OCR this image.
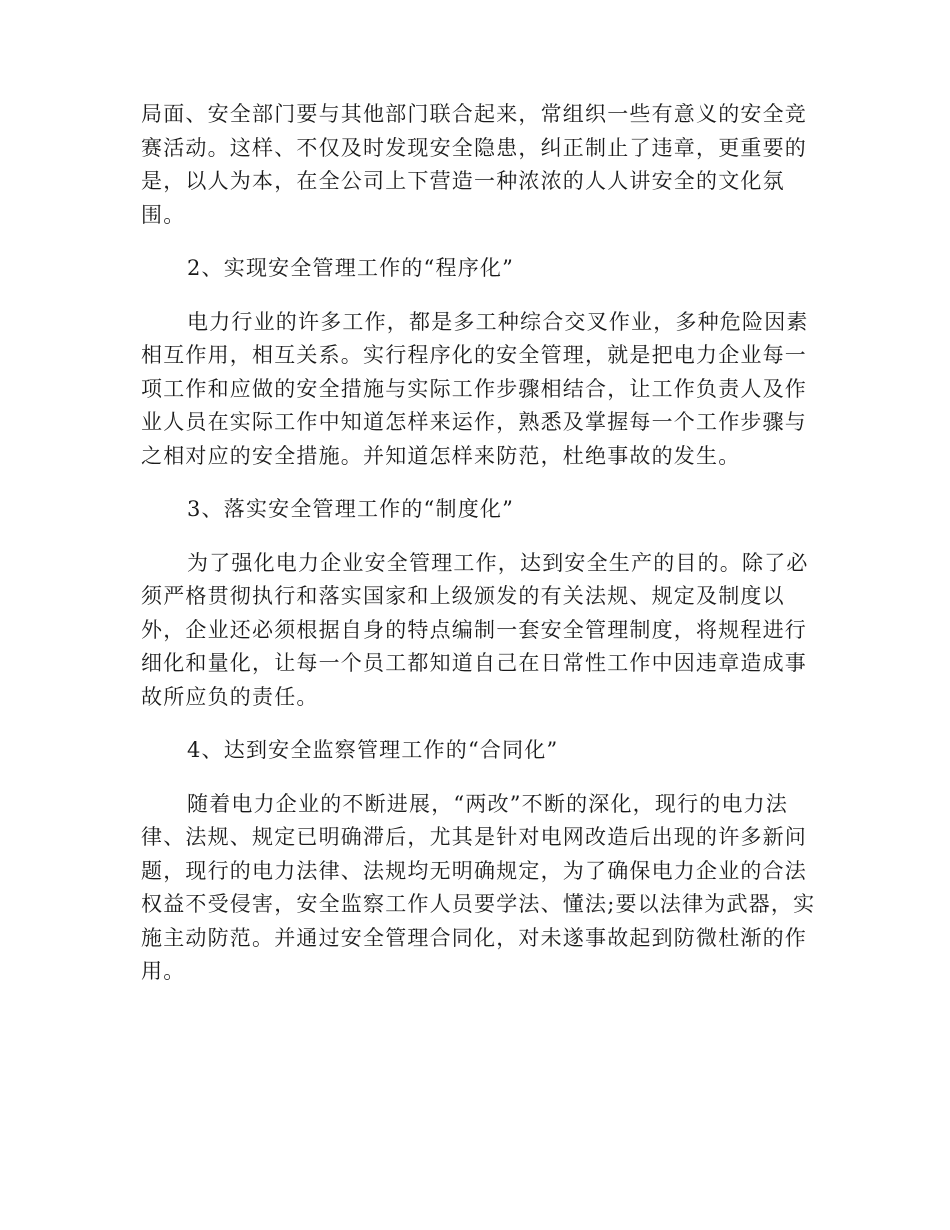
局面、安全部门要与其他部门联合起来，常组织一些有意义的安全竞
赛活动。这样、不仅及时发现安全隐患，纠正制止了违章，更重要的
是，以人为本，在全公司上下营造一种浓浓的人人讲安全的文化氛
围。
2、实现安全管理工作的“程序化”
电力行业的许多工作，都是多工种综合交叉作业，多种危险因素
相互作用，相互关系。实行程序化的安全管理，就是把电力企业每一
项工作和应做的安全措施与实际工作步骤相结合，让工作负责人及作
业人员在实际工作中知道怎样来运作，熟悉及掌握每一个工作步骤与
之相对应的安全措施。并知道怎样来防范，杜绝事故的发生。
3、落实安全管理工作的“制度化”
为了强化电力企业安全管理工作，达到安全生产的目的。除了必
须严格贯彻执行和落实国家和上级颁发的有关法规、规定及制度以
外，企业还必须根据自身的特点编制一套安全管理制度，将规程进行
细化和量化，让每一个员工都知道自己在日常性工作中因违章造成事
故所应负的责任。
4、达到安全监察管理工作的“合同化”
随着电力企业的不断进展，“两改”不断的深化，现行的电力法
律、法规、规定已明确滞后，尤其是针对电网改造后出现的许多新问
题，现行的电力法律、法规均无明确规定，为了确保电力企业的合法
权益不受侵害，安全监察工作人员要学法、懂法;要以法律为武器，实
施主动防范。并通过安全管理合同化，对未遂事故起到防微杜渐的作
用。
